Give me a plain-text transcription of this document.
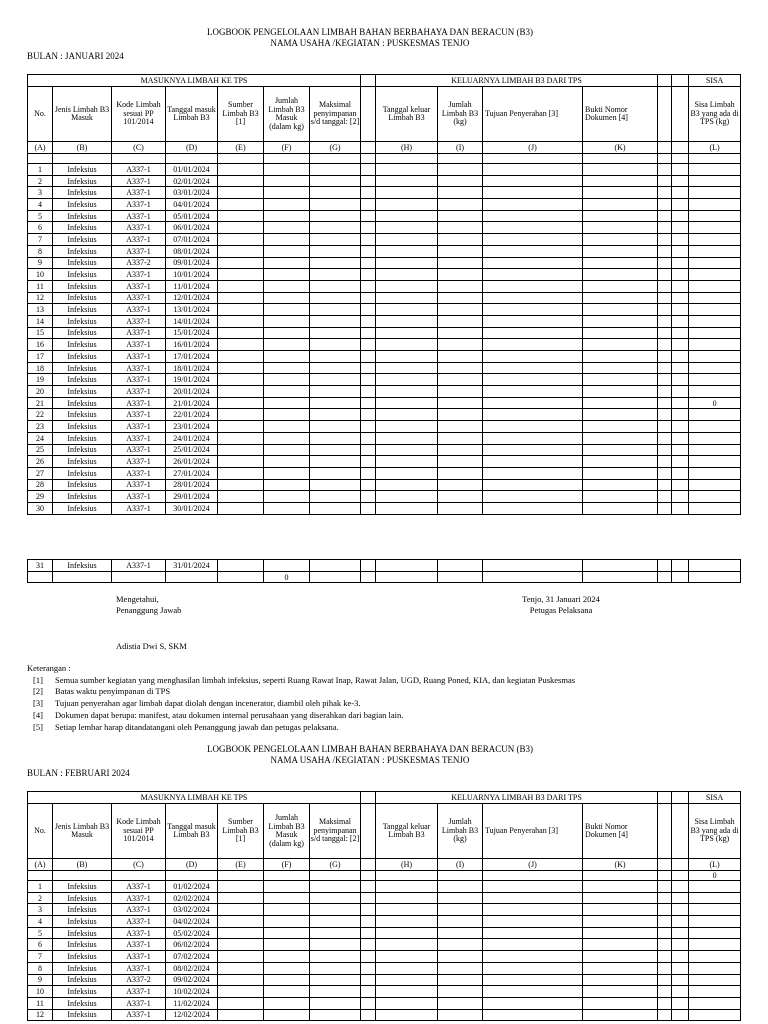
LOGBOOK PENGELOLAAN LIMBAH BAHAN BERBAHAYA DAN BERACUN (B3)
NAMA USAHA /KEGIATAN : PUSKESMAS TENJO
BULAN : JANUARI 2024
MASUKNYA LIMBAH KE TPS								KELUARNYA LIMBAH B3 DARI TPS						SISA
No.	Jenis Limbah B3 Masuk	Kode Limbah sesuai PP 101/2014	Tanggal masuk Limbah B3	Sumber Limbah B3 [1]	Jumlah Limbah B3 Masuk (dalam kg)	Maksimal penyimpanan s/d tanggal: [2]		Tanggal keluar Limbah B3	Jumlah Limbah B3 (kg)	Tujuan Penyerahan [3]	Bukti Nomor Dokumen [4]			Sisa Limbah B3 yang ada di TPS (kg)
(A)	(B)	(C)	(D)	(E)	(F)	(G)		(H)	(I)	(J)	(K)			(L)

1	Infeksius	A337-1	01/01/2024											
2	Infeksius	A337-1	02/01/2024											
3	Infeksius	A337-1	03/01/2024											
4	Infeksius	A337-1	04/01/2024											
5	Infeksius	A337-1	05/01/2024											
6	Infeksius	A337-1	06/01/2024											
7	Infeksius	A337-1	07/01/2024											
8	Infeksius	A337-1	08/01/2024											
9	Infeksius	A337-2	09/01/2024											
10	Infeksius	A337-1	10/01/2024											
11	Infeksius	A337-1	11/01/2024											
12	Infeksius	A337-1	12/01/2024											
13	Infeksius	A337-1	13/01/2024											
14	Infeksius	A337-1	14/01/2024											
15	Infeksius	A337-1	15/01/2024											
16	Infeksius	A337-1	16/01/2024											
17	Infeksius	A337-1	17/01/2024											
18	Infeksius	A337-1	18/01/2024											
19	Infeksius	A337-1	19/01/2024											
20	Infeksius	A337-1	20/01/2024											
21	Infeksius	A337-1	21/01/2024											0
22	Infeksius	A337-1	22/01/2024											
23	Infeksius	A337-1	23/01/2024											
24	Infeksius	A337-1	24/01/2024											
25	Infeksius	A337-1	25/01/2024											
26	Infeksius	A337-1	26/01/2024											
27	Infeksius	A337-1	27/01/2024											
28	Infeksius	A337-1	28/01/2024											
29	Infeksius	A337-1	29/01/2024											
30	Infeksius	A337-1	30/01/2024											
31	Infeksius	A337-1	31/01/2024											
					0									
Mengetahui,
Penanggung Jawab
Adistia Dwi S, SKM
Tenjo, 31 Januari 2024
Petugas Pelaksana
Keterangan :
[1]	Semua sumber kegiatan yang menghasilan limbah infeksius, seperti Ruang Rawat Inap, Rawat Jalan, UGD, Ruang Poned, KIA, dan kegiatan Puskesmas
[2]	Batas waktu penyimpanan di TPS
[3]	Tujuan penyerahan agar limbah dapat diolah dengan incenerator, diambil oleh pihak ke-3.
[4]	Dokumen dapat berupa: manifest, atau dokumen internal perusahaan yang diserahkan dari bagian lain.
[5]	Setiap lembar harap ditandatangani oleh Penanggung jawab dan petugas pelaksana.
LOGBOOK PENGELOLAAN LIMBAH BAHAN BERBAHAYA DAN BERACUN (B3)
NAMA USAHA /KEGIATAN : PUSKESMAS TENJO
BULAN : FEBRUARI 2024
MASUKNYA LIMBAH KE TPS								KELUARNYA LIMBAH B3 DARI TPS						SISA
No.	Jenis Limbah B3 Masuk	Kode Limbah sesuai PP 101/2014	Tanggal masuk Limbah B3	Sumber Limbah B3 [1]	Jumlah Limbah B3 Masuk (dalam kg)	Maksimal penyimpanan s/d tanggal: [2]		Tanggal keluar Limbah B3	Jumlah Limbah B3 (kg)	Tujuan Penyerahan [3]	Bukti Nomor Dokumen [4]			Sisa Limbah B3 yang ada di TPS (kg)
(A)	(B)	(C)	(D)	(E)	(F)	(G)		(H)	(I)	(J)	(K)			(L)
														0
1	Infeksius	A337-1	01/02/2024											
2	Infeksius	A337-1	02/02/2024											
3	Infeksius	A337-1	03/02/2024											
4	Infeksius	A337-1	04/02/2024											
5	Infeksius	A337-1	05/02/2024											
6	Infeksius	A337-1	06/02/2024											
7	Infeksius	A337-1	07/02/2024											
8	Infeksius	A337-1	08/02/2024											
9	Infeksius	A337-2	09/02/2024											
10	Infeksius	A337-1	10/02/2024											
11	Infeksius	A337-1	11/02/2024											
12	Infeksius	A337-1	12/02/2024											
